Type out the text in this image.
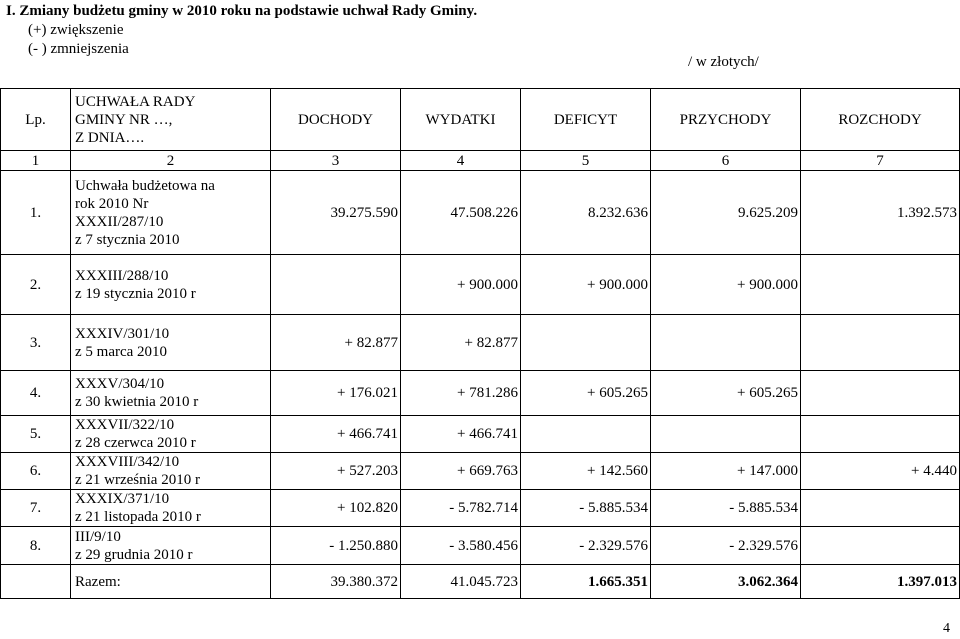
I. Zmiany budżetu gminy w 2010 roku na podstawie uchwał Rady Gminy.
(+) zwiększenie
(- ) zmniejszenia
/ w złotych/
Lp.	UCHWAŁA RADY
GMINY NR …,
Z DNIA….	DOCHODY	WYDATKI	DEFICYT	PRZYCHODY	ROZCHODY
1	2	3	4	5	6	7
1.	Uchwała budżetowa na
rok 2010 Nr
XXXII/287/10
z 7 stycznia 2010	39.275.590	47.508.226	8.232.636	9.625.209	1.392.573
2.	XXXIII/288/10
z 19 stycznia 2010 r		+ 900.000	+ 900.000	+ 900.000	
3.	XXXIV/301/10
z 5 marca 2010	+ 82.877	+ 82.877			
4.	XXXV/304/10
z 30 kwietnia 2010 r	+ 176.021	+ 781.286	+ 605.265	+ 605.265	
5.	XXXVII/322/10
z 28 czerwca 2010 r	+ 466.741	+ 466.741			
6.	XXXVIII/342/10
z 21 września 2010 r	+ 527.203	+ 669.763	+ 142.560	+ 147.000	+ 4.440
7.	XXXIX/371/10
z 21 listopada 2010 r	+ 102.820	- 5.782.714	- 5.885.534	- 5.885.534	
8.	III/9/10
z 29 grudnia 2010 r	- 1.250.880	- 3.580.456	- 2.329.576	- 2.329.576	
	Razem:	39.380.372	41.045.723	1.665.351	3.062.364	1.397.013
4
